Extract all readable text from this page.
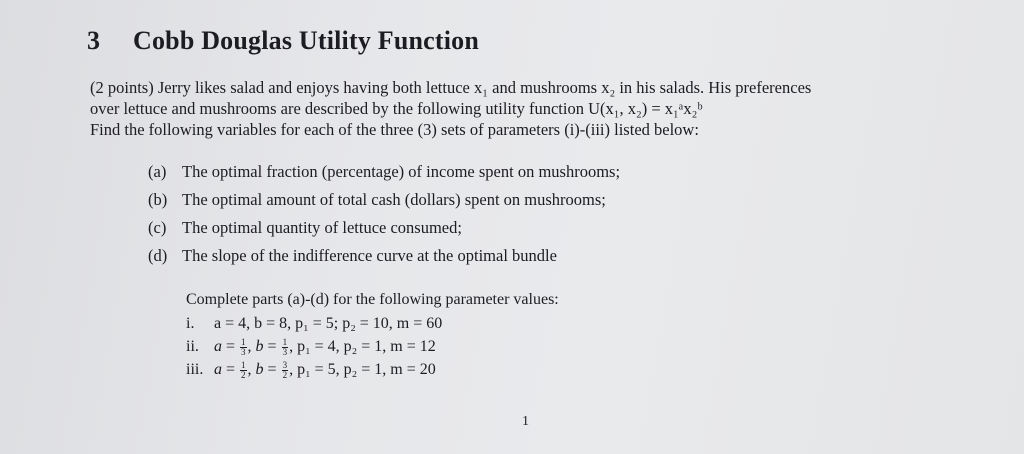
3 Cobb Douglas Utility Function
(2 points) Jerry likes salad and enjoys having both lettuce x₁ and mushrooms x₂ in his salads. His preferences
over lettuce and mushrooms are described by the following utility function U(x₁, x₂) = x₁ᵃx₂ᵇ
Find the following variables for each of the three (3) sets of parameters (i)-(iii) listed below:
(a) The optimal fraction (percentage) of income spent on mushrooms;
(b) The optimal amount of total cash (dollars) spent on mushrooms;
(c) The optimal quantity of lettuce consumed;
(d) The slope of the indifference curve at the optimal bundle
Complete parts (a)-(d) for the following parameter values:
i. a = 4, b = 8, p₁ = 5; p₂ = 10, m = 60
ii. $a = \frac{1}{3}$ , $b = \frac{1}{3}$ , p₁ = 4, p₂ = 1, m = 12
iii. $a = \frac{1}{2}$ , $b = \frac{3}{2}$ , p₁ = 5, p₂ = 1, m = 20
1
